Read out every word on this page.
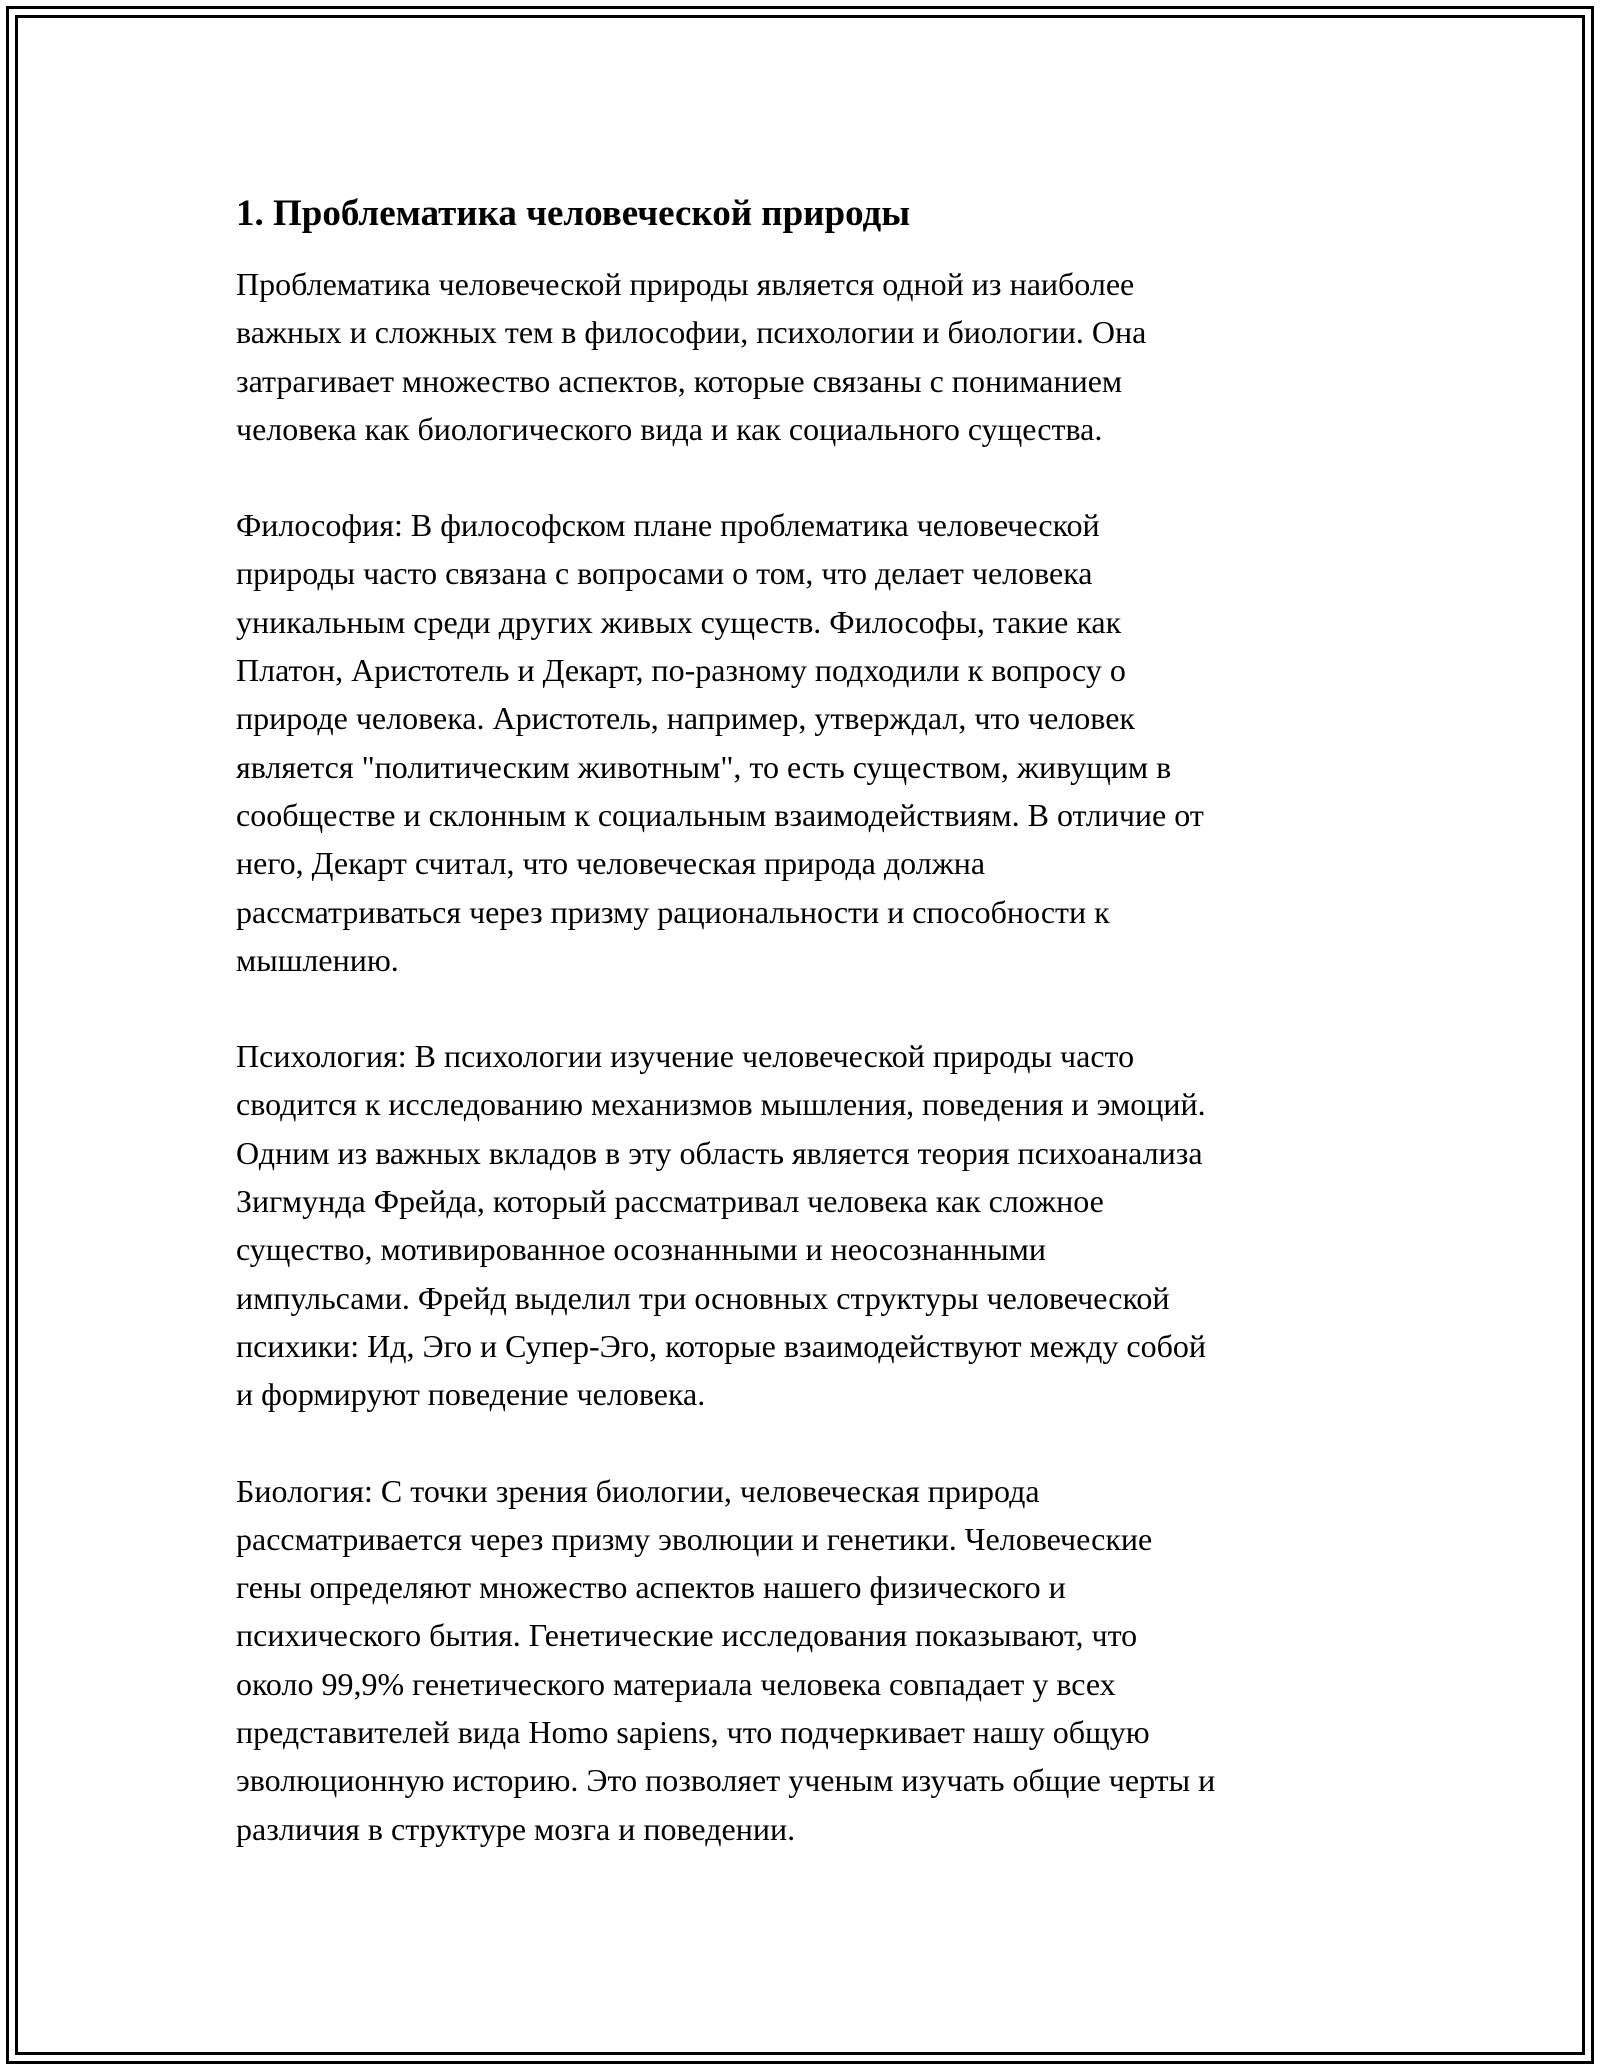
1. Проблематика человеческой природы
Проблематика человеческой природы является одной из наиболее
важных и сложных тем в философии, психологии и биологии. Она
затрагивает множество аспектов, которые связаны с пониманием
человека как биологического вида и как социального существа.
Философия: В философском плане проблематика человеческой
природы часто связана с вопросами о том, что делает человека
уникальным среди других живых существ. Философы, такие как
Платон, Аристотель и Декарт, по-разному подходили к вопросу о
природе человека. Аристотель, например, утверждал, что человек
является "политическим животным", то есть существом, живущим в
сообществе и склонным к социальным взаимодействиям. В отличие от
него, Декарт считал, что человеческая природа должна
рассматриваться через призму рациональности и способности к
мышлению.
Психология: В психологии изучение человеческой природы часто
сводится к исследованию механизмов мышления, поведения и эмоций.
Одним из важных вкладов в эту область является теория психоанализа
Зигмунда Фрейда, который рассматривал человека как сложное
существо, мотивированное осознанными и неосознанными
импульсами. Фрейд выделил три основных структуры человеческой
психики: Ид, Эго и Супер-Эго, которые взаимодействуют между собой
и формируют поведение человека.
Биология: С точки зрения биологии, человеческая природа
рассматривается через призму эволюции и генетики. Человеческие
гены определяют множество аспектов нашего физического и
психического бытия. Генетические исследования показывают, что
около 99,9% генетического материала человека совпадает у всех
представителей вида Homo sapiens, что подчеркивает нашу общую
эволюционную историю. Это позволяет ученым изучать общие черты и
различия в структуре мозга и поведении.
